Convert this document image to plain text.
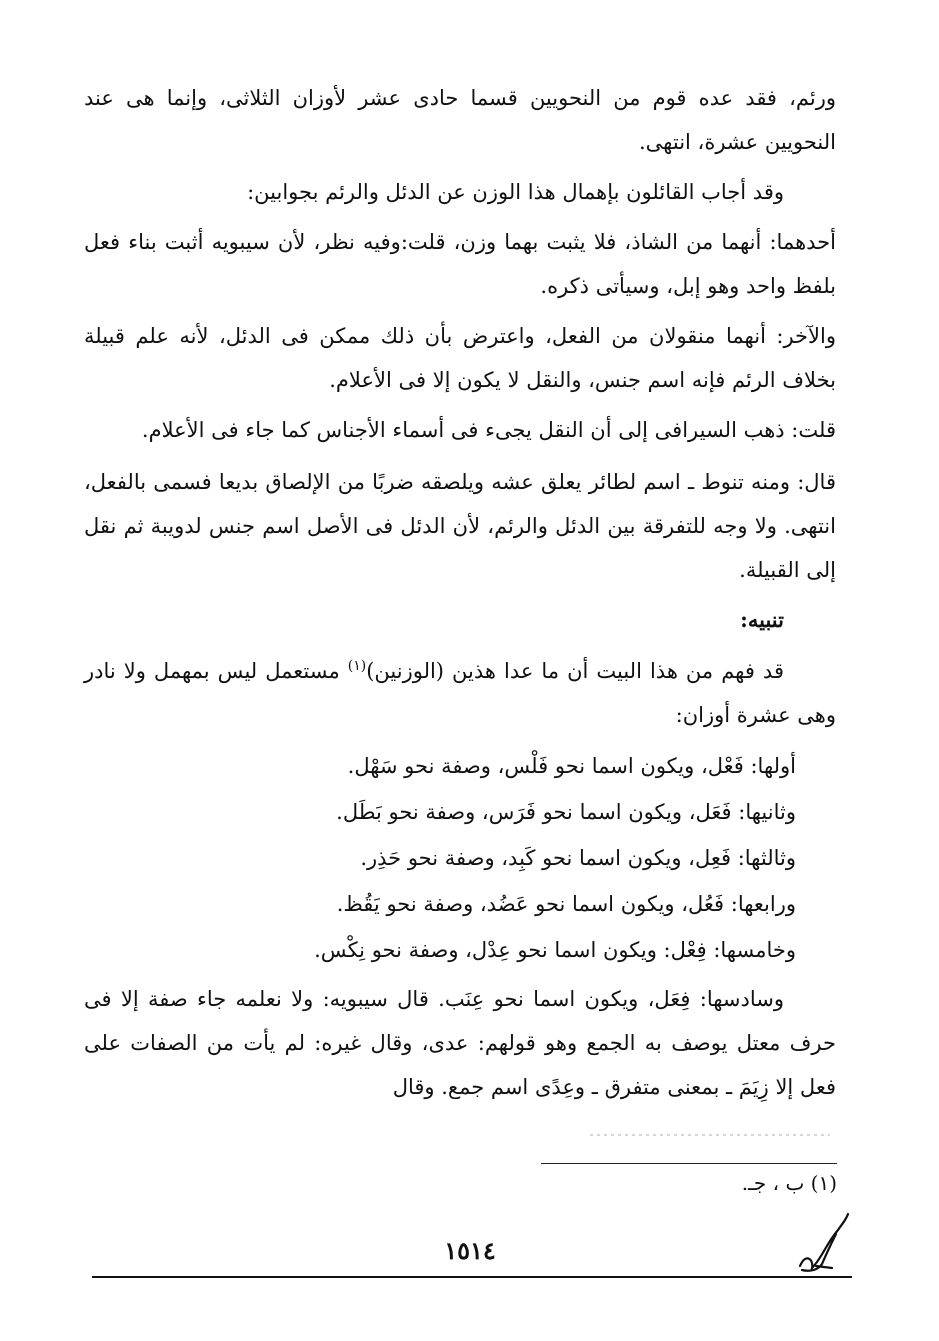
ورئم، فقد عده قوم من النحويين قسما حادى عشر لأوزان الثلاثى، وإنما هى عند النحويين عشرة، انتهى.

وقد أجاب القائلون بإهمال هذا الوزن عن الدئل والرئم بجوابين:

أحدهما: أنهما من الشاذ، فلا يثبت بهما وزن، قلت:وفيه نظر، لأن سيبويه أثبت بناء فعل بلفظ واحد وهو إبل، وسيأتى ذكره.

والآخر: أنهما منقولان من الفعل، واعترض بأن ذلك ممكن فى الدئل، لأنه علم قبيلة بخلاف الرئم فإنه اسم جنس، والنقل لا يكون إلا فى الأعلام.

قلت: ذهب السيرافى إلى أن النقل يجىء فى أسماء الأجناس كما جاء فى الأعلام.

قال: ومنه تنوط ـ اسم لطائر يعلق عشه ويلصقه ضربًا من الإلصاق بديعا فسمى بالفعل، انتهى. ولا وجه للتفرقة بين الدئل والرئم، لأن الدئل فى الأصل اسم جنس لدويبة ثم نقل إلى القبيلة.

تنبيه:

قد فهم من هذا البيت أن ما عدا هذين (الوزنين)$^{(١)}$ مستعمل ليس بمهمل ولا نادر وهى عشرة أوزان:

أولها: فَعْل، ويكون اسما نحو فَلْس، وصفة نحو سَهْل.
وثانيها: فَعَل، ويكون اسما نحو فَرَس، وصفة نحو بَطَل.
وثالثها: فَعِل، ويكون اسما نحو كَبِد، وصفة نحو حَذِر.
ورابعها: فَعُل، ويكون اسما نحو عَضُد، وصفة نحو يَقُظ.
وخامسها: فِعْل: ويكون اسما نحو عِدْل، وصفة نحو نِكْس.

وسادسها: فِعَل، ويكون اسما نحو عِنَب. قال سيبويه: ولا نعلمه جاء صفة إلا فى حرف معتل يوصف به الجمع وهو قولهم: عدى، وقال غيره: لم يأت من الصفات على فعل إلا زِيَمَ ـ بمعنى متفرق ـ وعِدًى اسم جمع. وقال

(١) ب ، جـ.
١٥١٤
